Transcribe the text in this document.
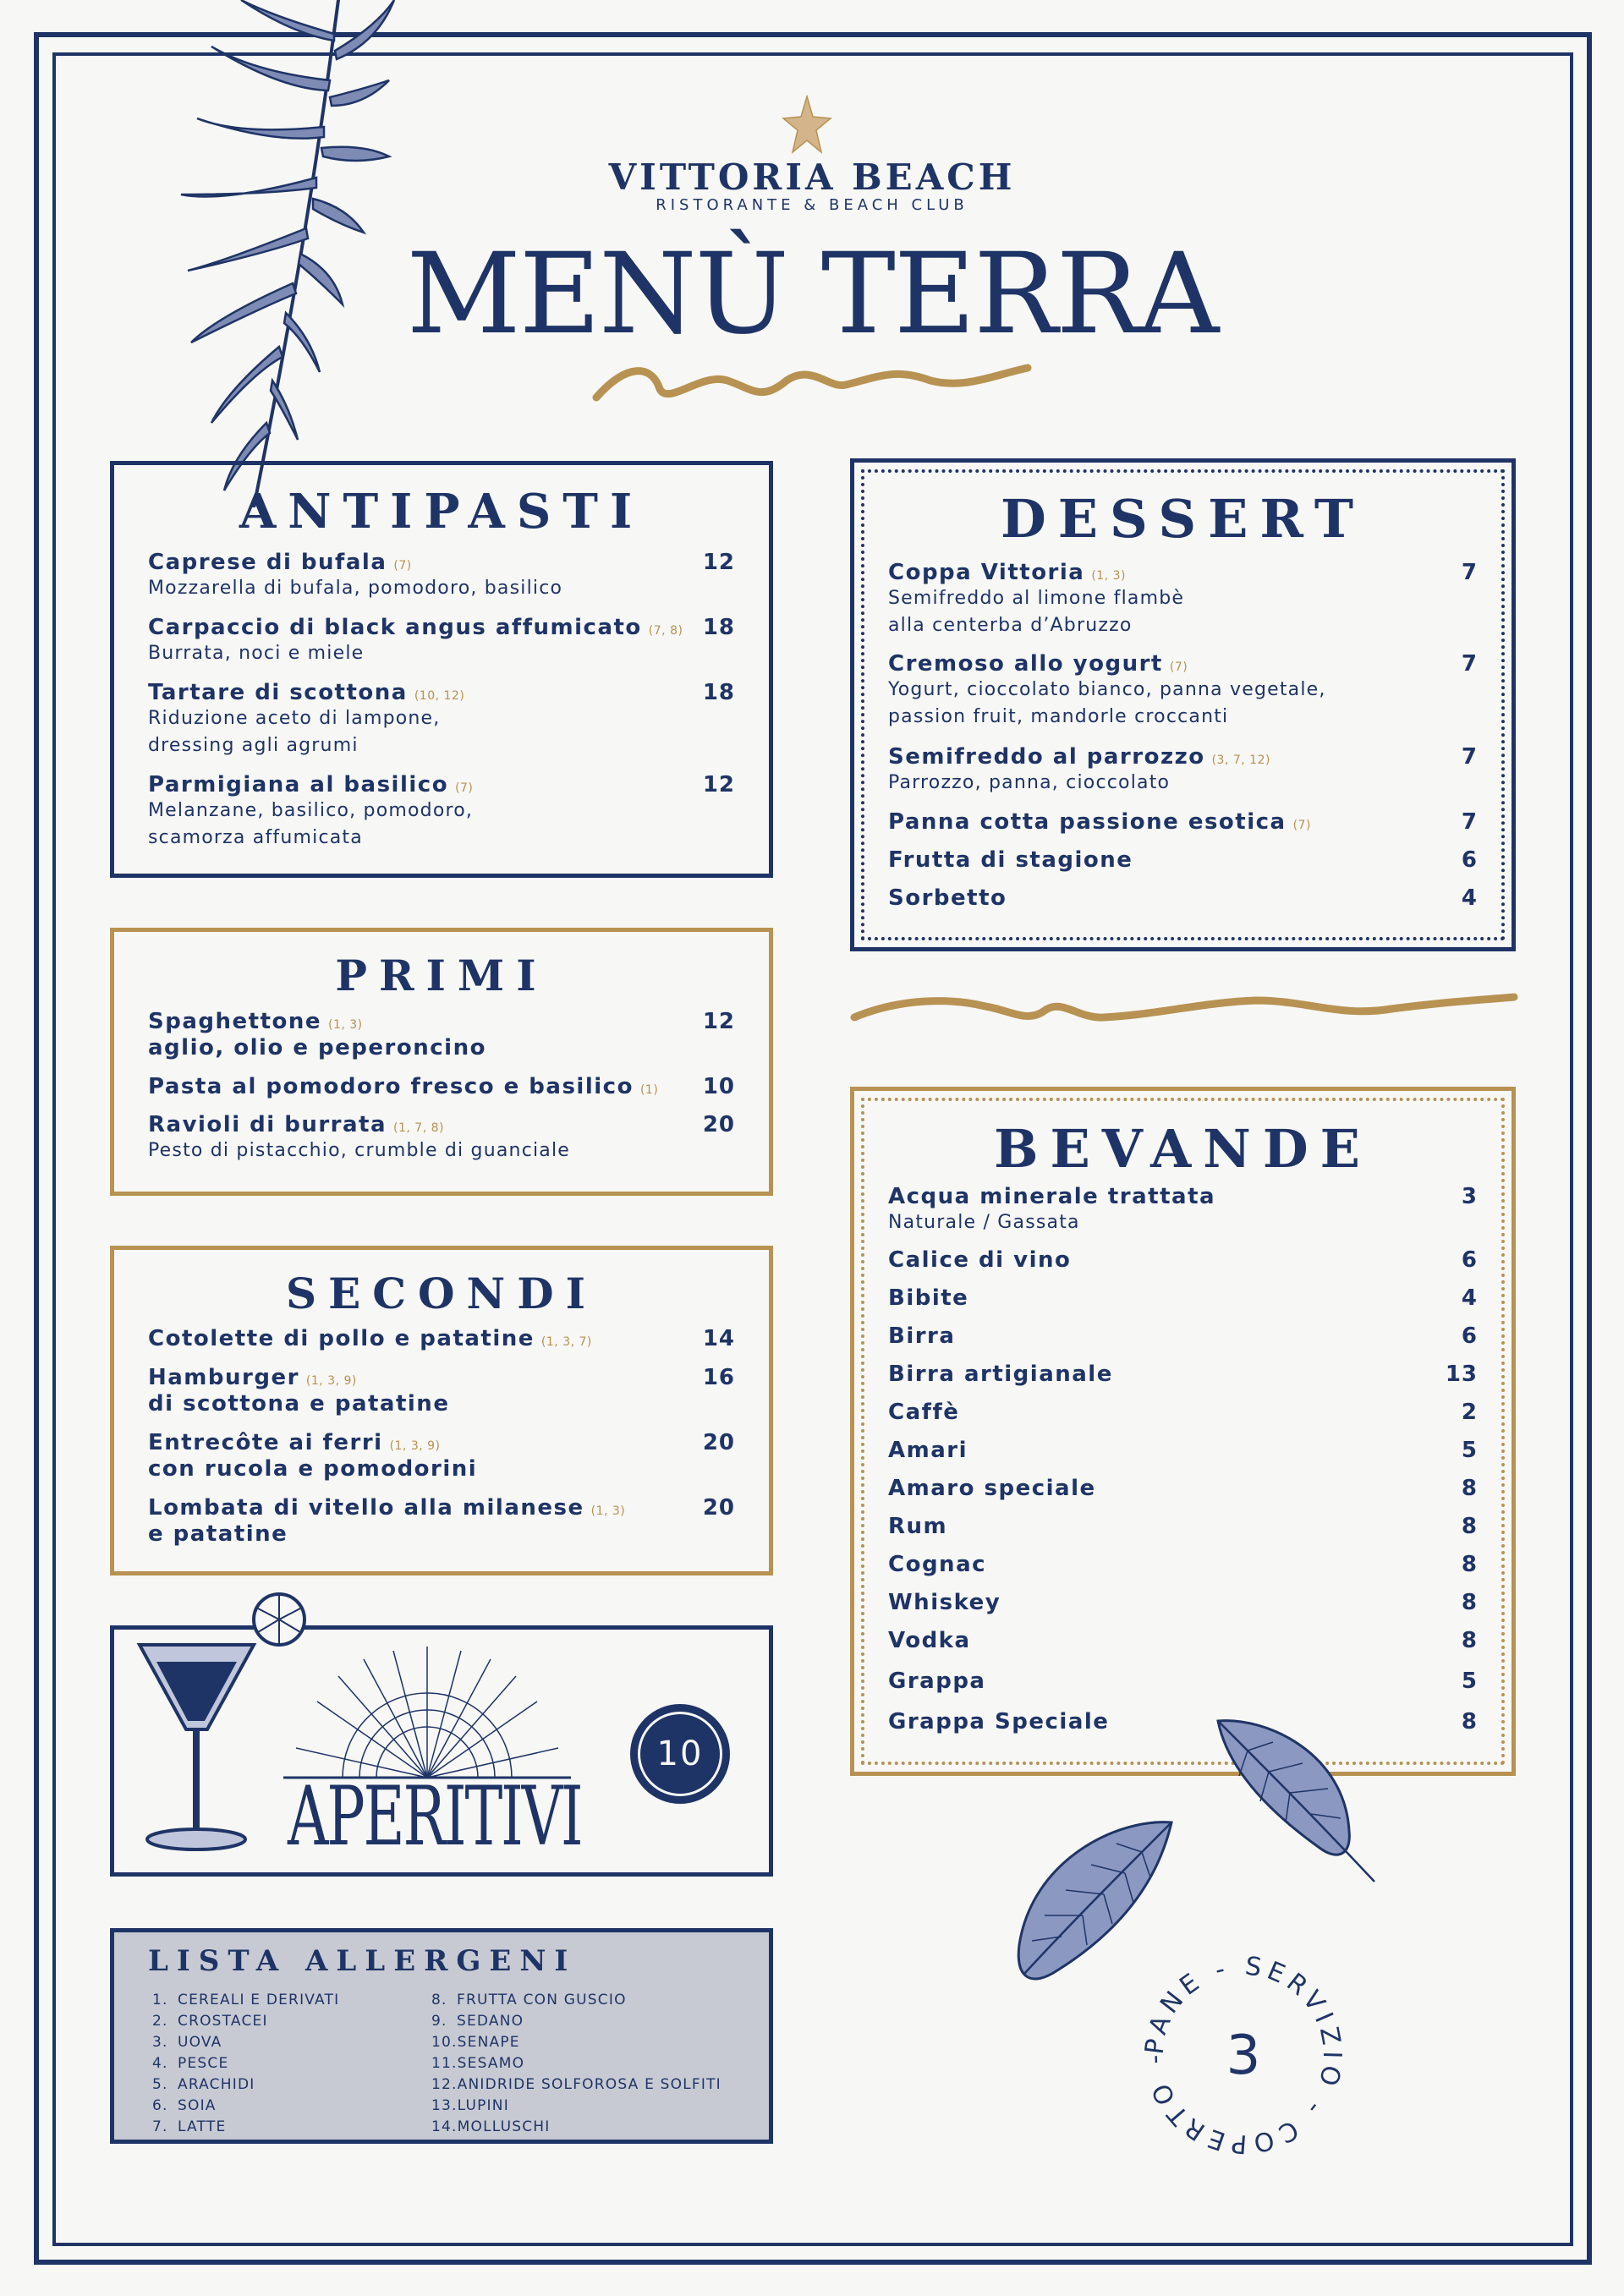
VITTORIA BEACH
RISTORANTE & BEACH CLUB
MENÙ TERRA
ANTIPASTI
Caprese di bufala (7)	12
Mozzarella di bufala, pomodoro, basilico
Carpaccio di black angus affumicato (7, 8) 18
Burrata, noci e miele
Tartare di scottona (10, 12)	18
Riduzione aceto di lampone,
dressing agli agrumi
Parmigiana al basilico (7)	12
Melanzane, basilico, pomodoro,
scamorza affumicata
PRIMI
Spaghettone (1, 3)	12
aglio, olio e peperoncino
Pasta al pomodoro fresco e basilico (1) 10
Ravioli di burrata (1, 7, 8)	20
Pesto di pistacchio, crumble di guanciale
SECONDI
Cotolette di pollo e patatine (1, 3, 7)	14
Hamburger (1, 3, 9)	16
di scottona e patatine
Entrecôte ai ferri (1, 3, 9)	20
con rucola e pomodorini
Lombata di vitello alla milanese (1, 3)	20
e patatine
APERITIVI
10
LISTA ALLERGENI
1. CEREALI E DERIVATI
2. CROSTACEI
3. UOVA
4. PESCE
5. ARACHIDI
6. SOIA
7. LATTE
8. FRUTTA CON GUSCIO
9. SEDANO
10.SENAPE
11.SESAMO
12.ANIDRIDE SOLFOROSA E SOLFITI
13.LUPINI
14.MOLLUSCHI
DESSERT
Coppa Vittoria (1, 3)	7
Semifreddo al limone flambè
alla centerba d’Abruzzo
Cremoso allo yogurt (7)	7
Yogurt, cioccolato bianco, panna vegetale,
passion fruit, mandorle croccanti
Semifreddo al parrozzo (3, 7, 12)	7
Parrozzo, panna, cioccolato
Panna cotta passione esotica (7)	7
Frutta di stagione	6
Sorbetto	4
BEVANDE
Acqua minerale trattata	3
Naturale / Gassata
Calice di vino	6
Bibite	4
Birra	6
Birra artigianale	13
Caffè	2
Amari	5
Amaro speciale	8
Rum	8
Cognac	8
Whiskey	8
Vodka	8
Grappa	5
Grappa Speciale	8
PANE - SERVIZIO - COPERTO -	3
